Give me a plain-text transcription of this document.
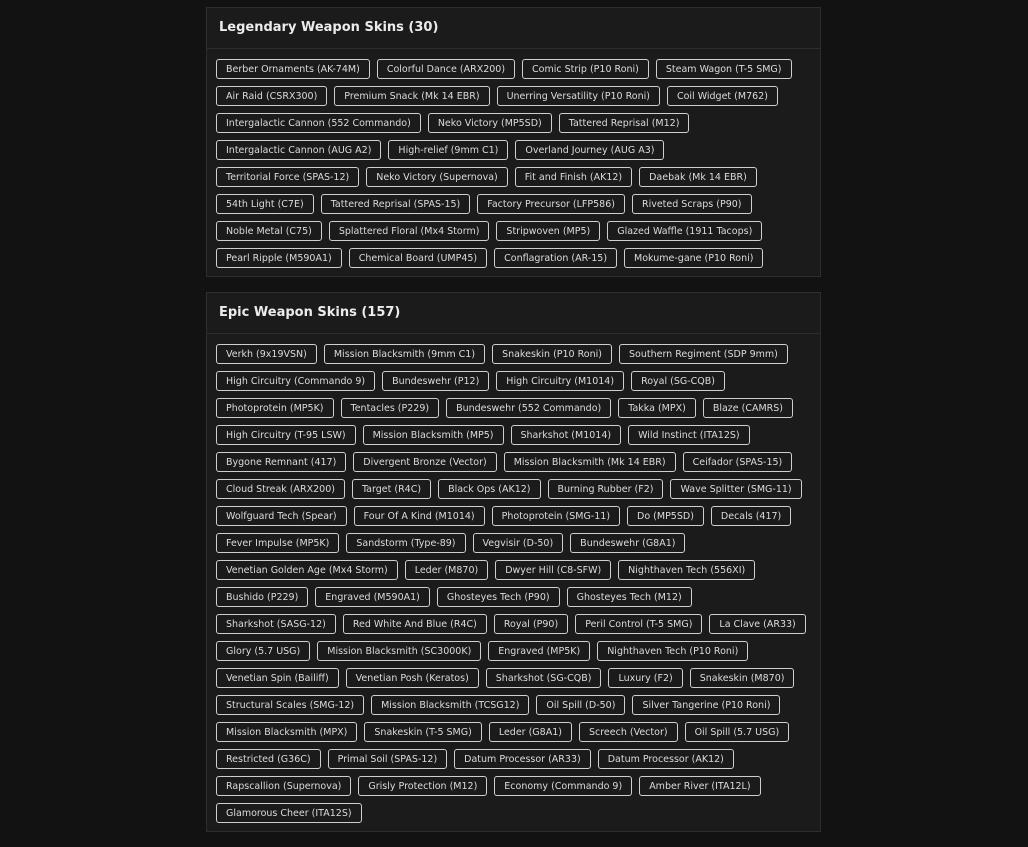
Legendary Weapon Skins (30)
Berber Ornaments (AK-74M)	Colorful Dance (ARX200)	Comic Strip (P10 Roni)	Steam Wagon (T-5 SMG)
Air Raid (CSRX300)	Premium Snack (Mk 14 EBR)	Unerring Versatility (P10 Roni)	Coil Widget (M762)
Intergalactic Cannon (552 Commando)	Neko Victory (MP5SD)	Tattered Reprisal (M12)
Intergalactic Cannon (AUG A2)	High-relief (9mm C1)	Overland Journey (AUG A3)
Territorial Force (SPAS-12)	Neko Victory (Supernova)	Fit and Finish (AK12)	Daebak (Mk 14 EBR)
54th Light (C7E)	Tattered Reprisal (SPAS-15)	Factory Precursor (LFP586)	Riveted Scraps (P90)
Noble Metal (C75)	Splattered Floral (Mx4 Storm)	Stripwoven (MP5)	Glazed Waffle (1911 Tacops)
Pearl Ripple (M590A1)	Chemical Board (UMP45)	Conflagration (AR-15)	Mokume-gane (P10 Roni)
Epic Weapon Skins (157)
Verkh (9x19VSN)	Mission Blacksmith (9mm C1)	Snakeskin (P10 Roni)	Southern Regiment (SDP 9mm)
High Circuitry (Commando 9)	Bundeswehr (P12)	High Circuitry (M1014)	Royal (SG-CQB)
Photoprotein (MP5K)	Tentacles (P229)	Bundeswehr (552 Commando)	Takka (MPX)	Blaze (CAMRS)
High Circuitry (T-95 LSW)	Mission Blacksmith (MP5)	Sharkshot (M1014)	Wild Instinct (ITA12S)
Bygone Remnant (417)	Divergent Bronze (Vector)	Mission Blacksmith (Mk 14 EBR)	Ceifador (SPAS-15)
Cloud Streak (ARX200)	Target (R4C)	Black Ops (AK12)	Burning Rubber (F2)	Wave Splitter (SMG-11)
Wolfguard Tech (Spear)	Four Of A Kind (M1014)	Photoprotein (SMG-11)	Do (MP5SD)	Decals (417)
Fever Impulse (MP5K)	Sandstorm (Type-89)	Vegvisir (D-50)	Bundeswehr (G8A1)
Venetian Golden Age (Mx4 Storm)	Leder (M870)	Dwyer Hill (C8-SFW)	Nighthaven Tech (556XI)
Bushido (P229)	Engraved (M590A1)	Ghosteyes Tech (P90)	Ghosteyes Tech (M12)
Sharkshot (SASG-12)	Red White And Blue (R4C)	Royal (P90)	Peril Control (T-5 SMG)	La Clave (AR33)
Glory (5.7 USG)	Mission Blacksmith (SC3000K)	Engraved (MP5K)	Nighthaven Tech (P10 Roni)
Venetian Spin (Bailiff)	Venetian Posh (Keratos)	Sharkshot (SG-CQB)	Luxury (F2)	Snakeskin (M870)
Structural Scales (SMG-12)	Mission Blacksmith (TCSG12)	Oil Spill (D-50)	Silver Tangerine (P10 Roni)
Mission Blacksmith (MPX)	Snakeskin (T-5 SMG)	Leder (G8A1)	Screech (Vector)	Oil Spill (5.7 USG)
Restricted (G36C)	Primal Soil (SPAS-12)	Datum Processor (AR33)	Datum Processor (AK12)
Rapscallion (Supernova)	Grisly Protection (M12)	Economy (Commando 9)	Amber River (ITA12L)
Glamorous Cheer (ITA12S)
